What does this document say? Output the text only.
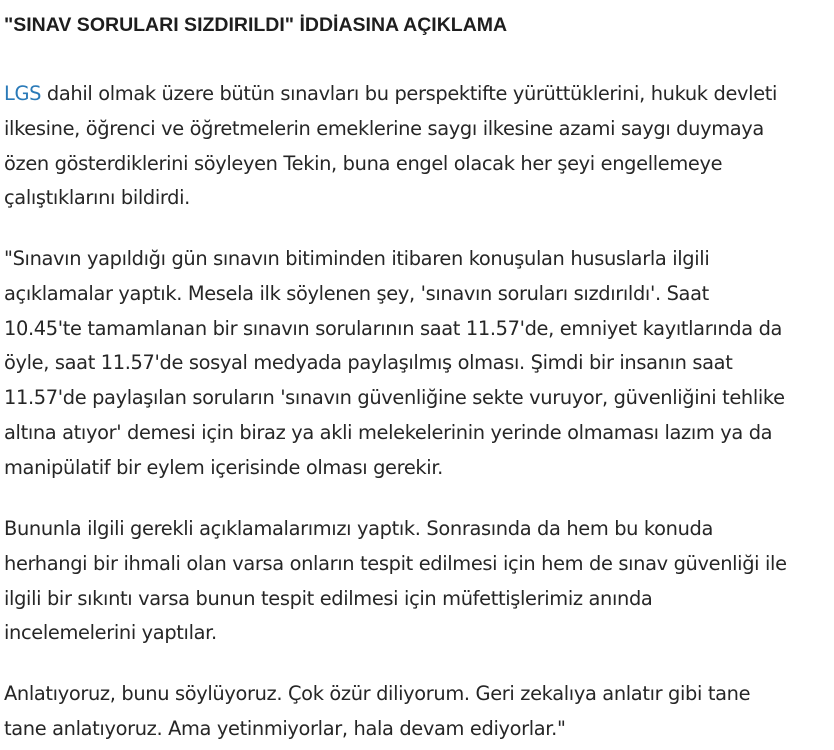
"SINAV SORULARI SIZDIRILDI" İDDİASINA AÇIKLAMA

LGS dahil olmak üzere bütün sınavları bu perspektifte yürüttüklerini, hukuk devleti
ilkesine, öğrenci ve öğretmelerin emeklerine saygı ilkesine azami saygı duymaya
özen gösterdiklerini söyleyen Tekin, buna engel olacak her şeyi engellemeye
çalıştıklarını bildirdi.

"Sınavın yapıldığı gün sınavın bitiminden itibaren konuşulan hususlarla ilgili
açıklamalar yaptık. Mesela ilk söylenen şey, 'sınavın soruları sızdırıldı'. Saat
10.45'te tamamlanan bir sınavın sorularının saat 11.57'de, emniyet kayıtlarında da
öyle, saat 11.57'de sosyal medyada paylaşılmış olması. Şimdi bir insanın saat
11.57'de paylaşılan soruların 'sınavın güvenliğine sekte vuruyor, güvenliğini tehlike
altına atıyor' demesi için biraz ya akli melekelerinin yerinde olmaması lazım ya da
manipülatif bir eylem içerisinde olması gerekir.

Bununla ilgili gerekli açıklamalarımızı yaptık. Sonrasında da hem bu konuda
herhangi bir ihmali olan varsa onların tespit edilmesi için hem de sınav güvenliği ile
ilgili bir sıkıntı varsa bunun tespit edilmesi için müfettişlerimiz anında
incelemelerini yaptılar.

Anlatıyoruz, bunu söylüyoruz. Çok özür diliyorum. Geri zekalıya anlatır gibi tane
tane anlatıyoruz. Ama yetinmiyorlar, hala devam ediyorlar."
